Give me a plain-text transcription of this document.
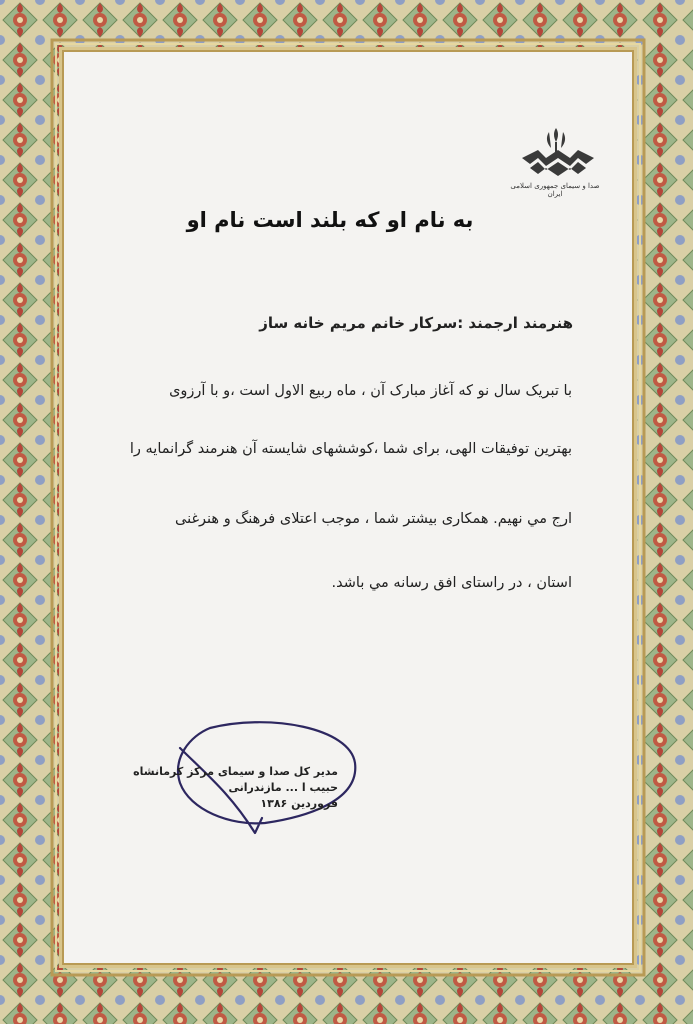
صدا و سیمای جمهوری اسلامی ایران
به نام او که بلند است نام او
هنرمند ارجمند :سرکار خانم مریم خانه ساز
با تبریک سال نو که آغاز مبارک آن ، ماه ربیع الاول است ،و با آرزوی
بهترین توفیقات الهی، برای شما ،کوششهای شایسته آن هنرمند گرانمایه را
ارج مي نهیم. همکاری بیشتر شما ، موجب اعتلای فرهنگ و هنرغنی
استان ، در راستای افق رسانه مي باشد.
مدیر کل صدا و سیمای مرکز کرمانشاه
حبیب ا ... مازندرانی
فروردین ۱۳۸۶
